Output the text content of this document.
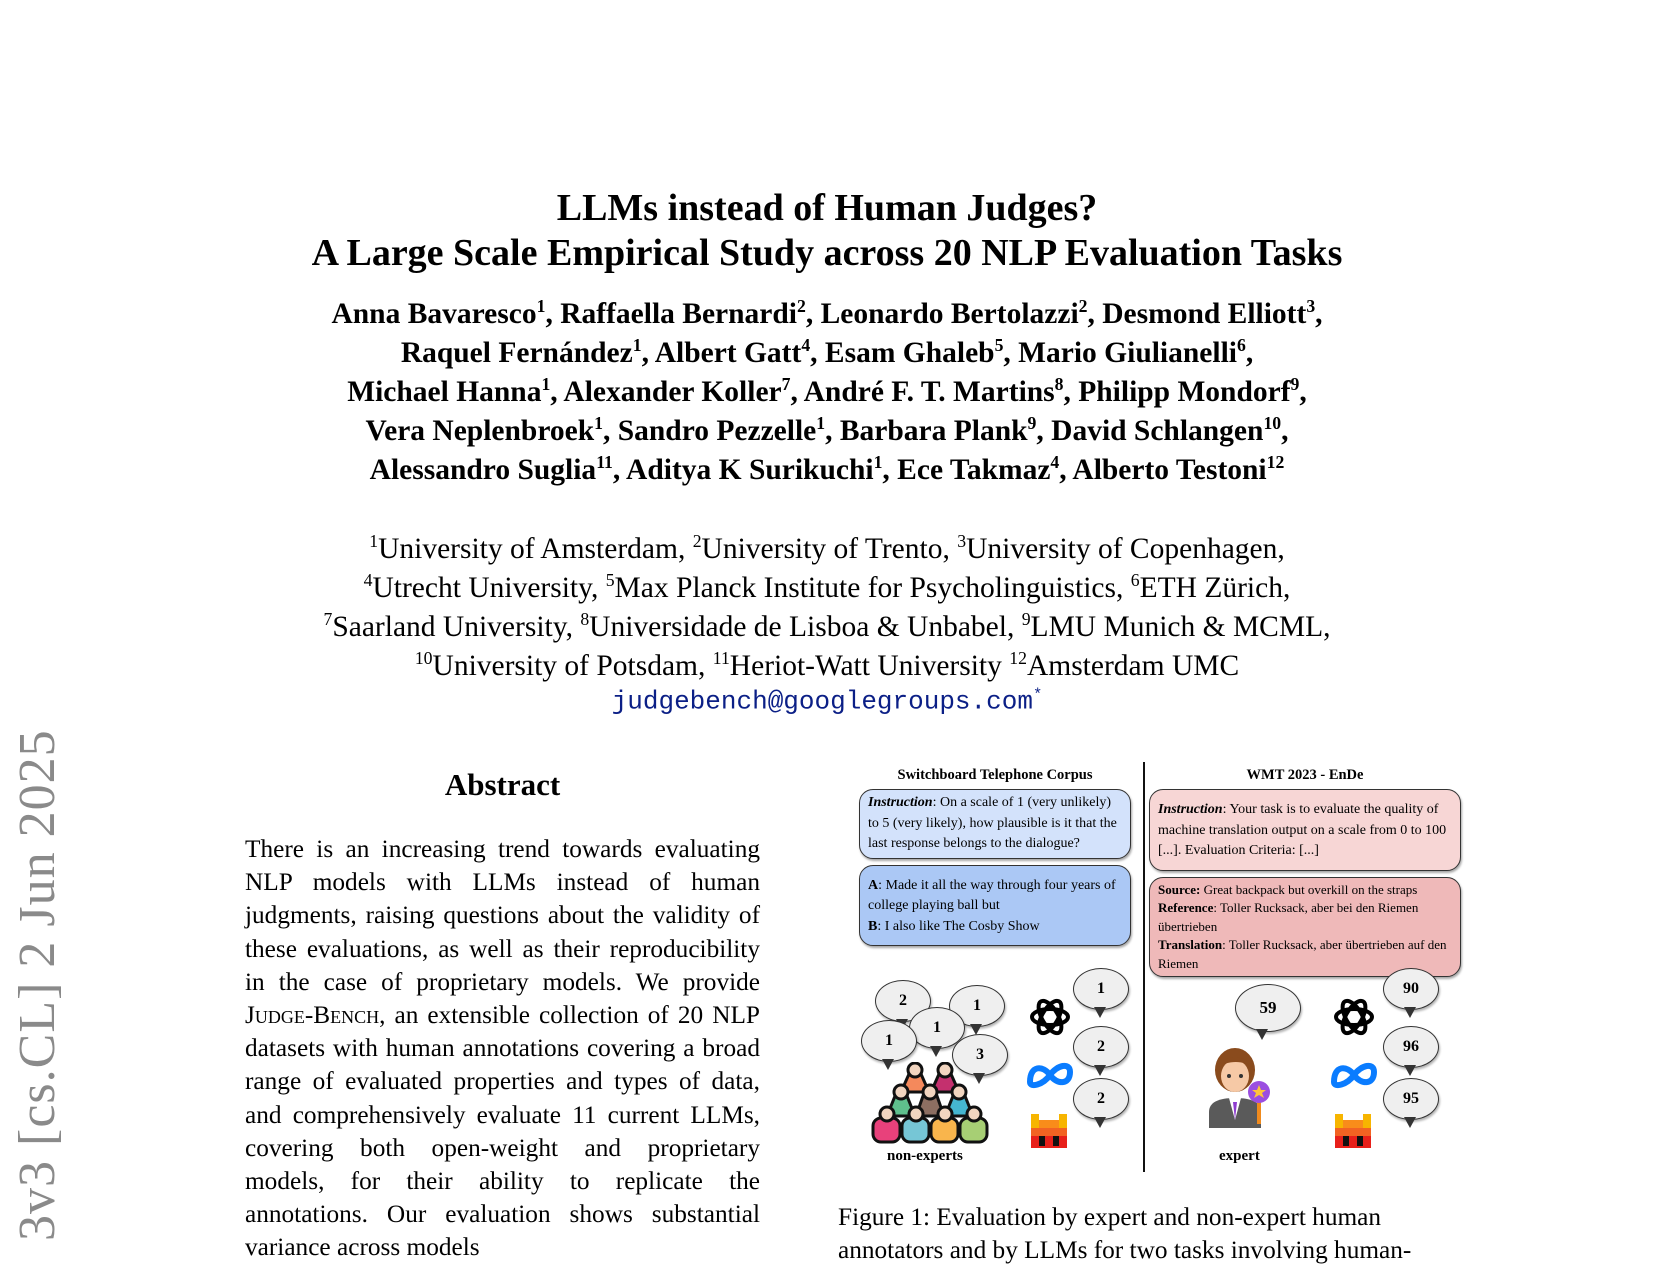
3v3 [cs.CL] 2 Jun 2025
LLMs instead of Human Judges?
A Large Scale Empirical Study across 20 NLP Evaluation Tasks
Anna Bavaresco$^1$, Raffaella Bernardi$^2$, Leonardo Bertolazzi$^2$, Desmond Elliott$^3$,
Raquel Fernández$^1$, Albert Gatt$^4$, Esam Ghaleb$^5$, Mario Giulianelli$^6$,
Michael Hanna$^1$, Alexander Koller$^7$, André F. T. Martins$^8$, Philipp Mondorf$^9$,
Vera Neplenbroek$^1$, Sandro Pezzelle$^1$, Barbara Plank$^9$, David Schlangen$^{10}$,
Alessandro Suglia$^{11}$, Aditya K Surikuchi$^1$, Ece Takmaz$^4$, Alberto Testoni$^{12}$
$^1$University of Amsterdam, $^2$University of Trento, $^3$University of Copenhagen,
$^4$Utrecht University, $^5$Max Planck Institute for Psycholinguistics, $^6$ETH Zürich,
$^7$Saarland University, $^8$Universidade de Lisboa & Unbabel, $^9$LMU Munich & MCML,
$^{10}$University of Potsdam, $^{11}$Heriot-Watt University $^{12}$Amsterdam UMC
judgebench@googlegroups.com*
Abstract

There is an increasing trend towards evaluating NLP models with LLMs instead of human judgments, raising questions about the validity of these evaluations, as well as their reproducibility in the case of proprietary models. We provide Judge-Bench, an extensible collection of 20 NLP datasets with human annotations covering a broad range of evaluated properties and types of data, and comprehensively evaluate 11 current LLMs, covering both open-weight and proprietary models, for their ability to replicate the annotations. Our evaluation shows substantial variance across models

Switchboard Telephone Corpus
Instruction: On a scale of 1 (very unlikely) to 5 (very likely), how plausible is it that the last response belongs to the dialogue?
A: Made it all the way through four years of college playing ball but
B: I also like The Cosby Show
2	1
1
1
3
non-experts
1
2
2
WMT 2023 - EnDe
Instruction: Your task is to evaluate the quality of machine translation output on a scale from 0 to 100 [...]. Evaluation Criteria: [...]
Source: Great backpack but overkill on the straps
Reference: Toller Rucksack, aber bei den Riemen übertrieben
Translation: Toller Rucksack, aber übertrieben auf den Riemen
59
expert
90
96
95
Figure 1: Evaluation by expert and non-expert human annotators and by LLMs for two tasks involving human-
